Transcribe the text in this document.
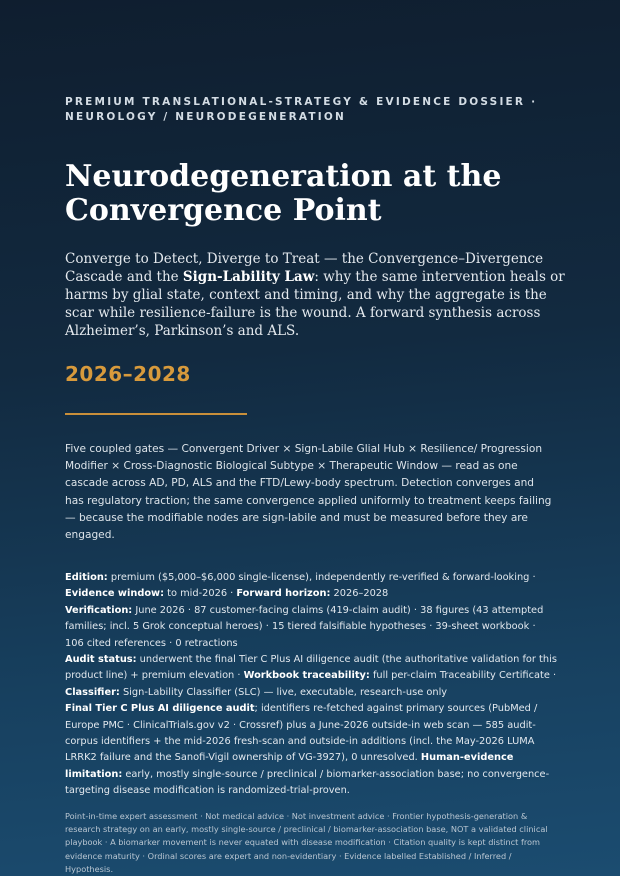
PREMIUM TRANSLATIONAL-STRATEGY & EVIDENCE DOSSIER · NEUROLOGY / NEURODEGENERATION

Neurodegeneration at the Convergence Point

Converge to Detect, Diverge to Treat — the Convergence–Divergence Cascade and the Sign-Lability Law: why the same intervention heals or harms by glial state, context and timing, and why the aggregate is the scar while resilience-failure is the wound. A forward synthesis across Alzheimer’s, Parkinson’s and ALS.

2026–2028

Five coupled gates — Convergent Driver × Sign-Labile Glial Hub × Resilience/ Progression Modifier × Cross-Diagnostic Biological Subtype × Therapeutic Window — read as one cascade across AD, PD, ALS and the FTD/Lewy-body spectrum. Detection converges and has regulatory traction; the same convergence applied uniformly to treatment keeps failing — because the modifiable nodes are sign-labile and must be measured before they are engaged.

Edition: premium ($5,000–$6,000 single-license), independently re-verified & forward-looking · Evidence window: to mid-2026 · Forward horizon: 2026–2028
Verification: June 2026 · 87 customer-facing claims (419-claim audit) · 38 figures (43 attempted families; incl. 5 Grok conceptual heroes) · 15 tiered falsifiable hypotheses · 39-sheet workbook · 106 cited references · 0 retractions
Audit status: underwent the final Tier C Plus AI diligence audit (the authoritative validation for this product line) + premium elevation · Workbook traceability: full per-claim Traceability Certificate · Classifier: Sign-Lability Classifier (SLC) — live, executable, research-use only
Final Tier C Plus AI diligence audit; identifiers re-fetched against primary sources (PubMed / Europe PMC · ClinicalTrials.gov v2 · Crossref) plus a June-2026 outside-in web scan — 585 audit-corpus identifiers + the mid-2026 fresh-scan and outside-in additions (incl. the May-2026 LUMA LRRK2 failure and the Sanofi-Vigil ownership of VG-3927), 0 unresolved. Human-evidence limitation: early, mostly single-source / preclinical / biomarker-association base; no convergence-targeting disease modification is randomized-trial-proven.

Point-in-time expert assessment · Not medical advice · Not investment advice · Frontier hypothesis-generation & research strategy on an early, mostly single-source / preclinical / biomarker-association base, NOT a validated clinical playbook · A biomarker movement is never equated with disease modification · Citation quality is kept distinct from evidence maturity · Ordinal scores are expert and non-evidentiary · Evidence labelled Established / Inferred / Hypothesis.
